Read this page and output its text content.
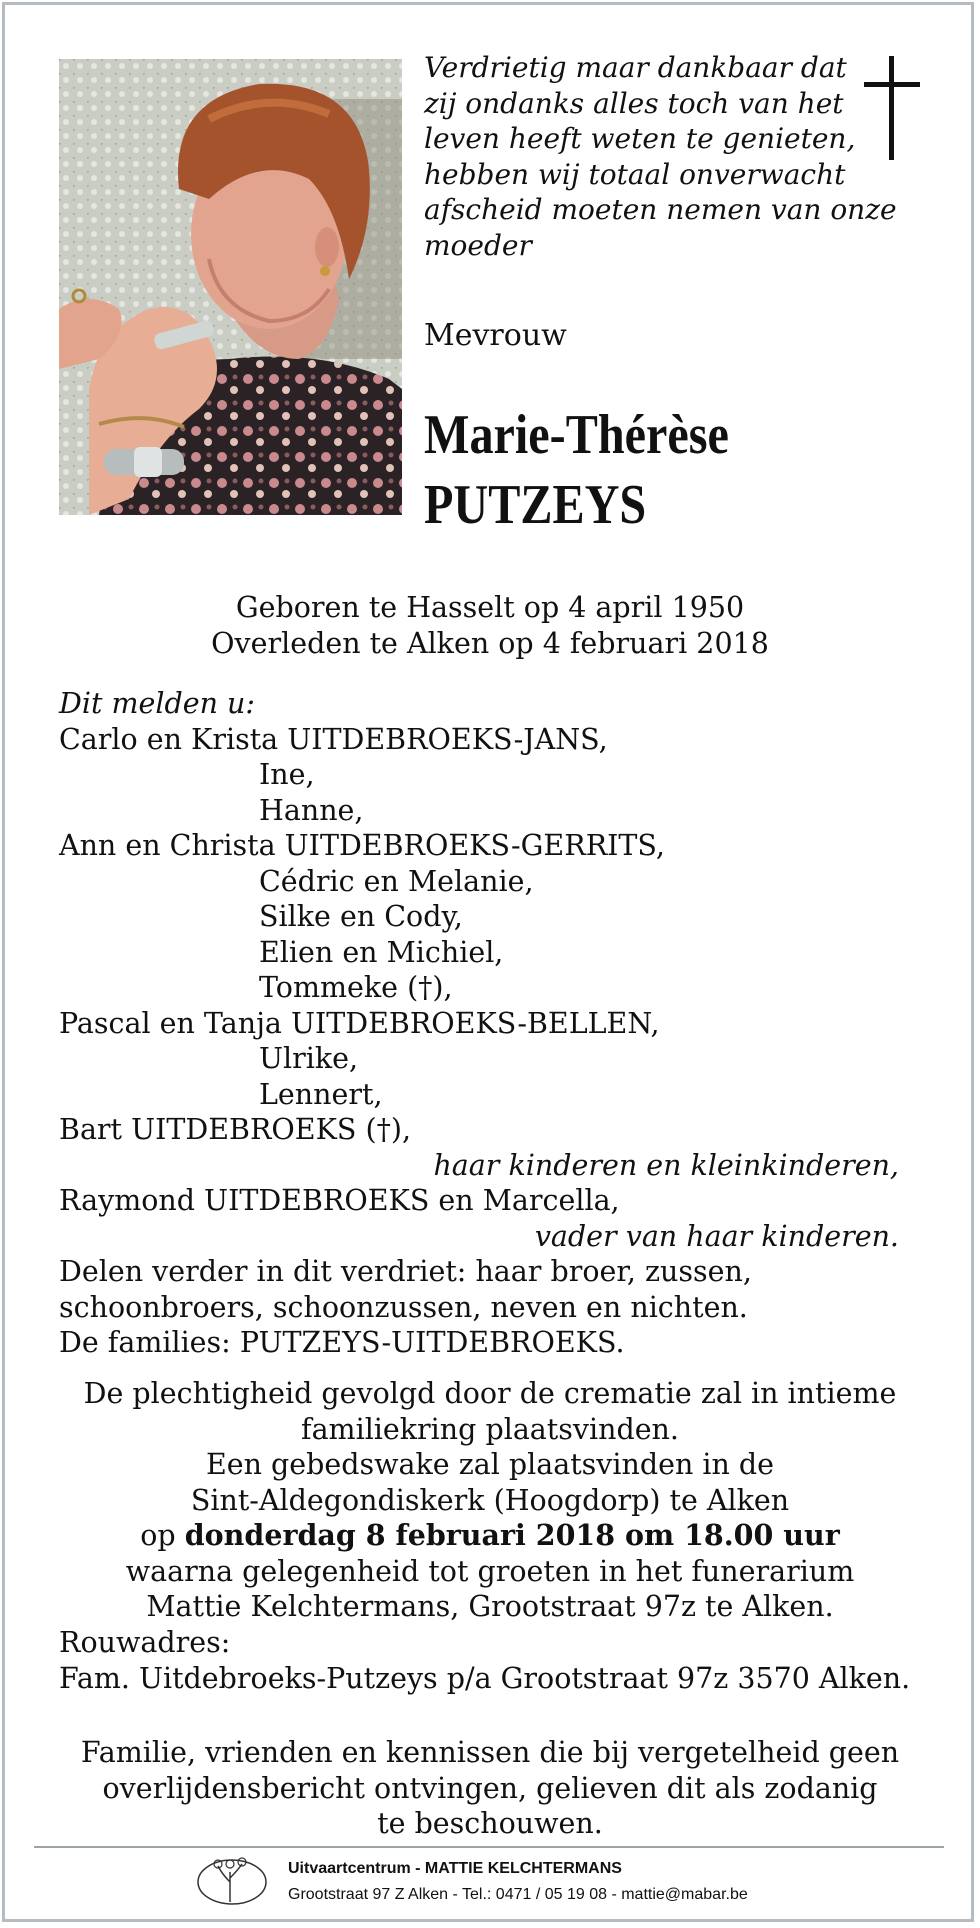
Verdrietig maar dankbaar dat
zij ondanks alles toch van het
leven heeft weten te genieten,
hebben wij totaal onverwacht
afscheid moeten nemen van onze
moeder
Mevrouw
Marie-Thérèse
PUTZEYS
Geboren te Hasselt op 4 april 1950
Overleden te Alken op 4 februari 2018
Dit melden u:
Carlo en Krista UITDEBROEKS-JANS,
Ine,
Hanne,
Ann en Christa UITDEBROEKS-GERRITS,
Cédric en Melanie,
Silke en Cody,
Elien en Michiel,
Tommeke (†),
Pascal en Tanja UITDEBROEKS-BELLEN,
Ulrike,
Lennert,
Bart UITDEBROEKS (†),
haar kinderen en kleinkinderen,
Raymond UITDEBROEKS en Marcella,
vader van haar kinderen.
Delen verder in dit verdriet: haar broer, zussen,
schoonbroers, schoonzussen, neven en nichten.
De families: PUTZEYS-UITDEBROEKS.
De plechtigheid gevolgd door de crematie zal in intieme
familiekring plaatsvinden.
Een gebedswake zal plaatsvinden in de
Sint-Aldegondiskerk (Hoogdorp) te Alken
op donderdag 8 februari 2018 om 18.00 uur
waarna gelegenheid tot groeten in het funerarium
Mattie Kelchtermans, Grootstraat 97z te Alken.
Rouwadres:
Fam. Uitdebroeks-Putzeys p/a Grootstraat 97z 3570 Alken.
Familie, vrienden en kennissen die bij vergetelheid geen
overlijdensbericht ontvingen, gelieven dit als zodanig
te beschouwen.
Uitvaartcentrum - MATTIE KELCHTERMANS
Grootstraat 97 Z Alken - Tel.: 0471 / 05 19 08 - mattie@mabar.be
